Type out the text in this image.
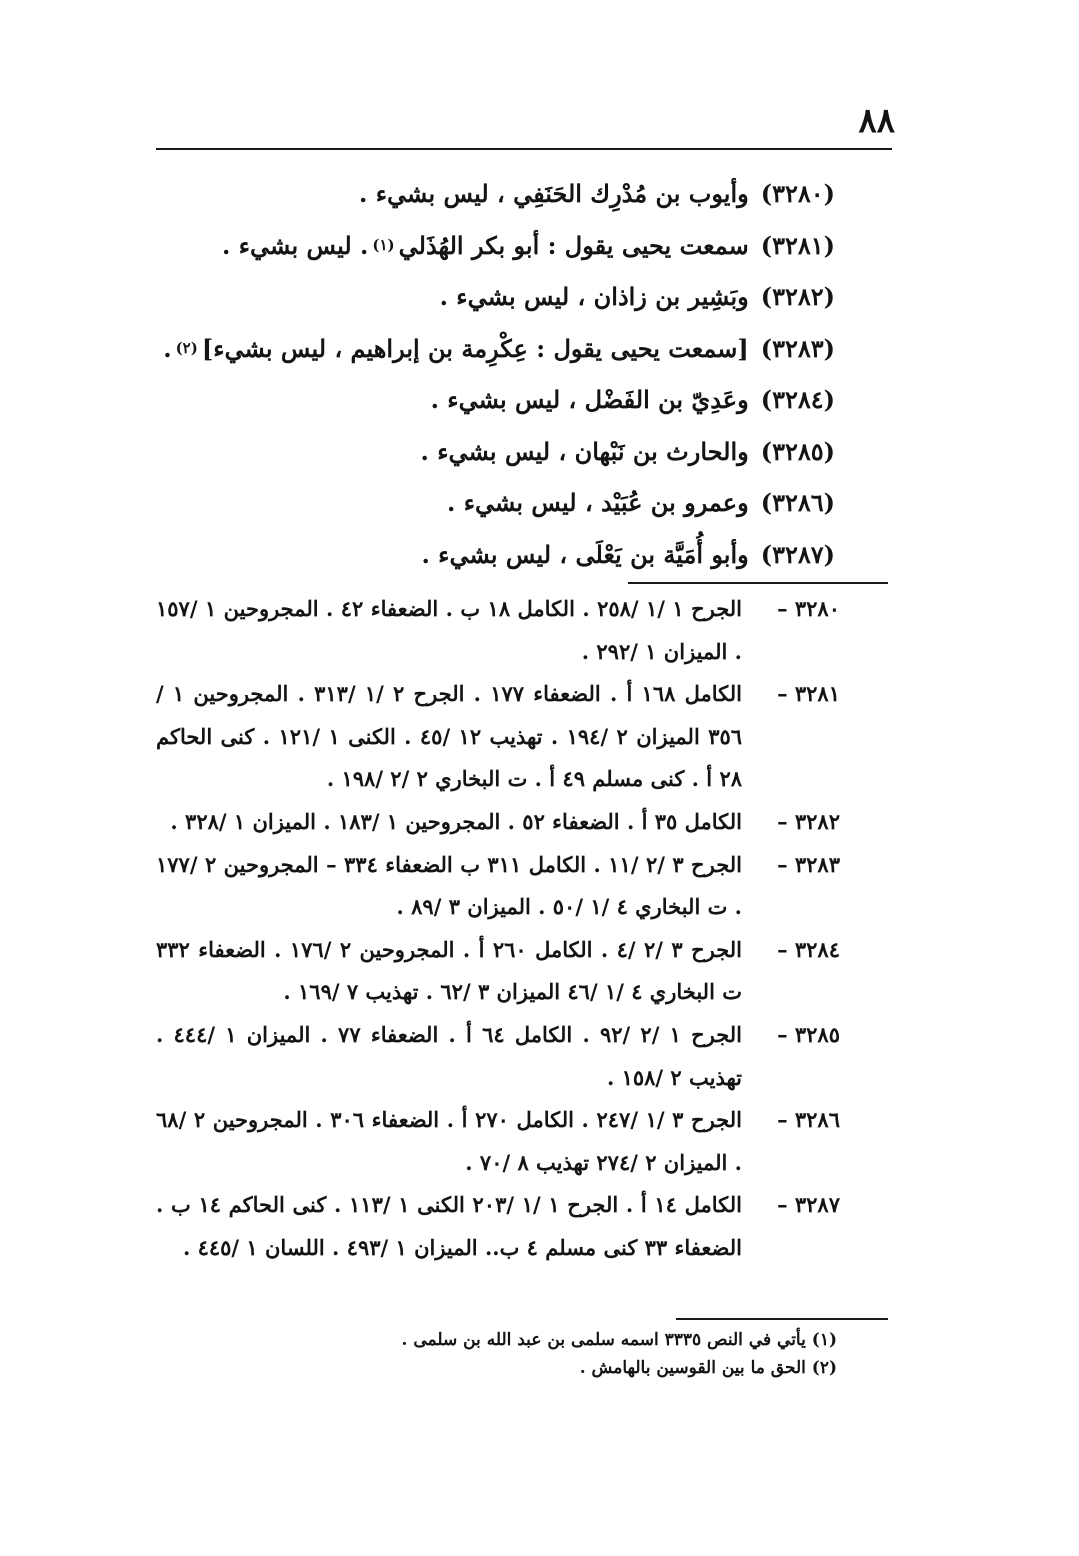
٨٨
(٣٢٨٠)
وأيوب بن مُدْرِك الحَنَفِي ، ليس بشيء .
(٣٢٨١)
سمعت يحيى يقول : أبو بكر الهُذَلي
(١)
. ليس بشيء .
(٣٢٨٢)
وبَشِير بن زاذان ، ليس بشيء .
(٣٢٨٣)
[سمعت يحيى يقول : عِكْرِمة بن إبراهيم ، ليس بشيء]
(٢)
.
(٣٢٨٤)
وعَدِيّ بن الفَضْل ، ليس بشيء .
(٣٢٨٥)
والحارث بن نَبْهان ، ليس بشيء .
(٣٢٨٦)
وعمرو بن عُبَيْد ، ليس بشيء .
(٣٢٨٧)
وأبو أُمَيَّة بن يَعْلَى ، ليس بشيء .
٣٢٨٠ –
الجرح ١ /١ /٢٥٨ . الكامل ١٨ ب . الضعفاء ٤٢ . المجروحين ١ /١٥٧ . الميزان ١ /٢٩٢ .
٣٢٨١ –
الكامل ١٦٨ أ . الضعفاء ١٧٧ . الجرح ٢ /١ /٣١٣ . المجروحين ١ /٣٥٦ الميزان ٢ /١٩٤ . تهذيب ١٢ /٤٥ . الكنى ١ /١٢١ . كنى الحاكم ٢٨ أ . كنى مسلم ٤٩ أ . ت البخاري ٢ /٢ /١٩٨ .
٣٢٨٢ –
الكامل ٣٥ أ . الضعفاء ٥٢ . المجروحين ١ /١٨٣ . الميزان ١ /٣٢٨ .
٣٢٨٣ –
الجرح ٣ /٢ /١١ . الكامل ٣١١ ب الضعفاء ٣٣٤ – المجروحين ٢ /١٧٧ . ت البخاري ٤ /١ /٥٠ . الميزان ٣ /٨٩ .
٣٢٨٤ –
الجرح ٣ /٢ /٤ . الكامل ٢٦٠ أ . المجروحين ٢ /١٧٦ . الضعفاء ٣٣٢ ت البخاري ٤ /١ /٤٦ الميزان ٣ /٦٢ . تهذيب ٧ /١٦٩ .
٣٢٨٥ –
الجرح ١ /٢ /٩٢ . الكامل ٦٤ أ . الضعفاء ٧٧ . الميزان ١ /٤٤٤ . تهذيب ٢ /١٥٨ .
٣٢٨٦ –
الجرح ٣ /١ /٢٤٧ . الكامل ٢٧٠ أ . الضعفاء ٣٠٦ . المجروحين ٢ /٦٨ . الميزان ٢ /٢٧٤ تهذيب ٨ /٧٠ .
٣٢٨٧ –
الكامل ١٤ أ . الجرح ١ /١ /٢٠٣ الكنى ١ /١١٣ . كنى الحاكم ١٤ ب . الضعفاء ٣٣ كنى مسلم ٤ ب.. الميزان ١ /٤٩٣ . اللسان ١ /٤٤٥ .
(١) يأتي في النص ٣٣٣٥ اسمه سلمى بن عبد الله بن سلمى .
(٢) الحق ما بين القوسين بالهامش .
